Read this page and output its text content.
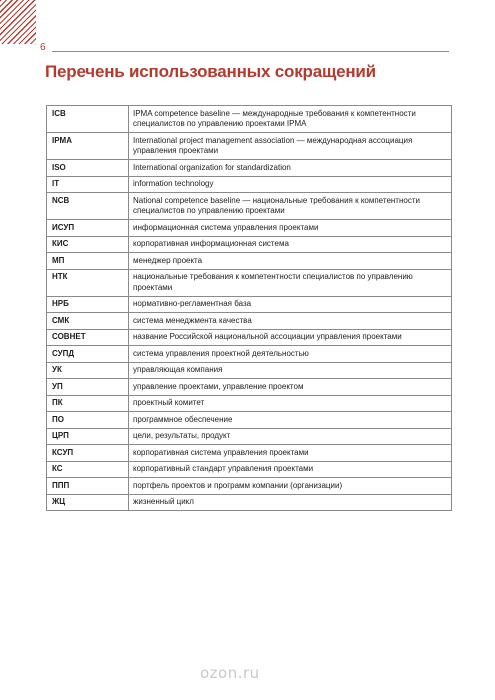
6
Перечень использованных сокращений
ICB	IPMA competence baseline — международные требования к компетентности специалистов по управлению проектами IPMA
IPMA	International project management association — международная ассоциация управления проектами
ISO	International organization for standardization
IT	information technology
NCB	National competence baseline — национальные требования к компетентности специалистов по управлению проектами
ИСУП	информационная система управления проектами
КИС	корпоративная информационная система
МП	менеджер проекта
НТК	национальные требования к компетентности специалистов по управлению проектами
НРБ	нормативно-регламентная база
СМК	система менеджмента качества
СОВНЕТ	название Российской национальной ассоциации управления проектами
СУПД	система управления проектной деятельностью
УК	управляющая компания
УП	управление проектами, управление проектом
ПК	проектный комитет
ПО	программное обеспечение
ЦРП	цели, результаты, продукт
КСУП	корпоративная система управления проектами
КС	корпоративный стандарт управления проектами
ППП	портфель проектов и программ компании (организации)
ЖЦ	жизненный цикл
ozon.ru
